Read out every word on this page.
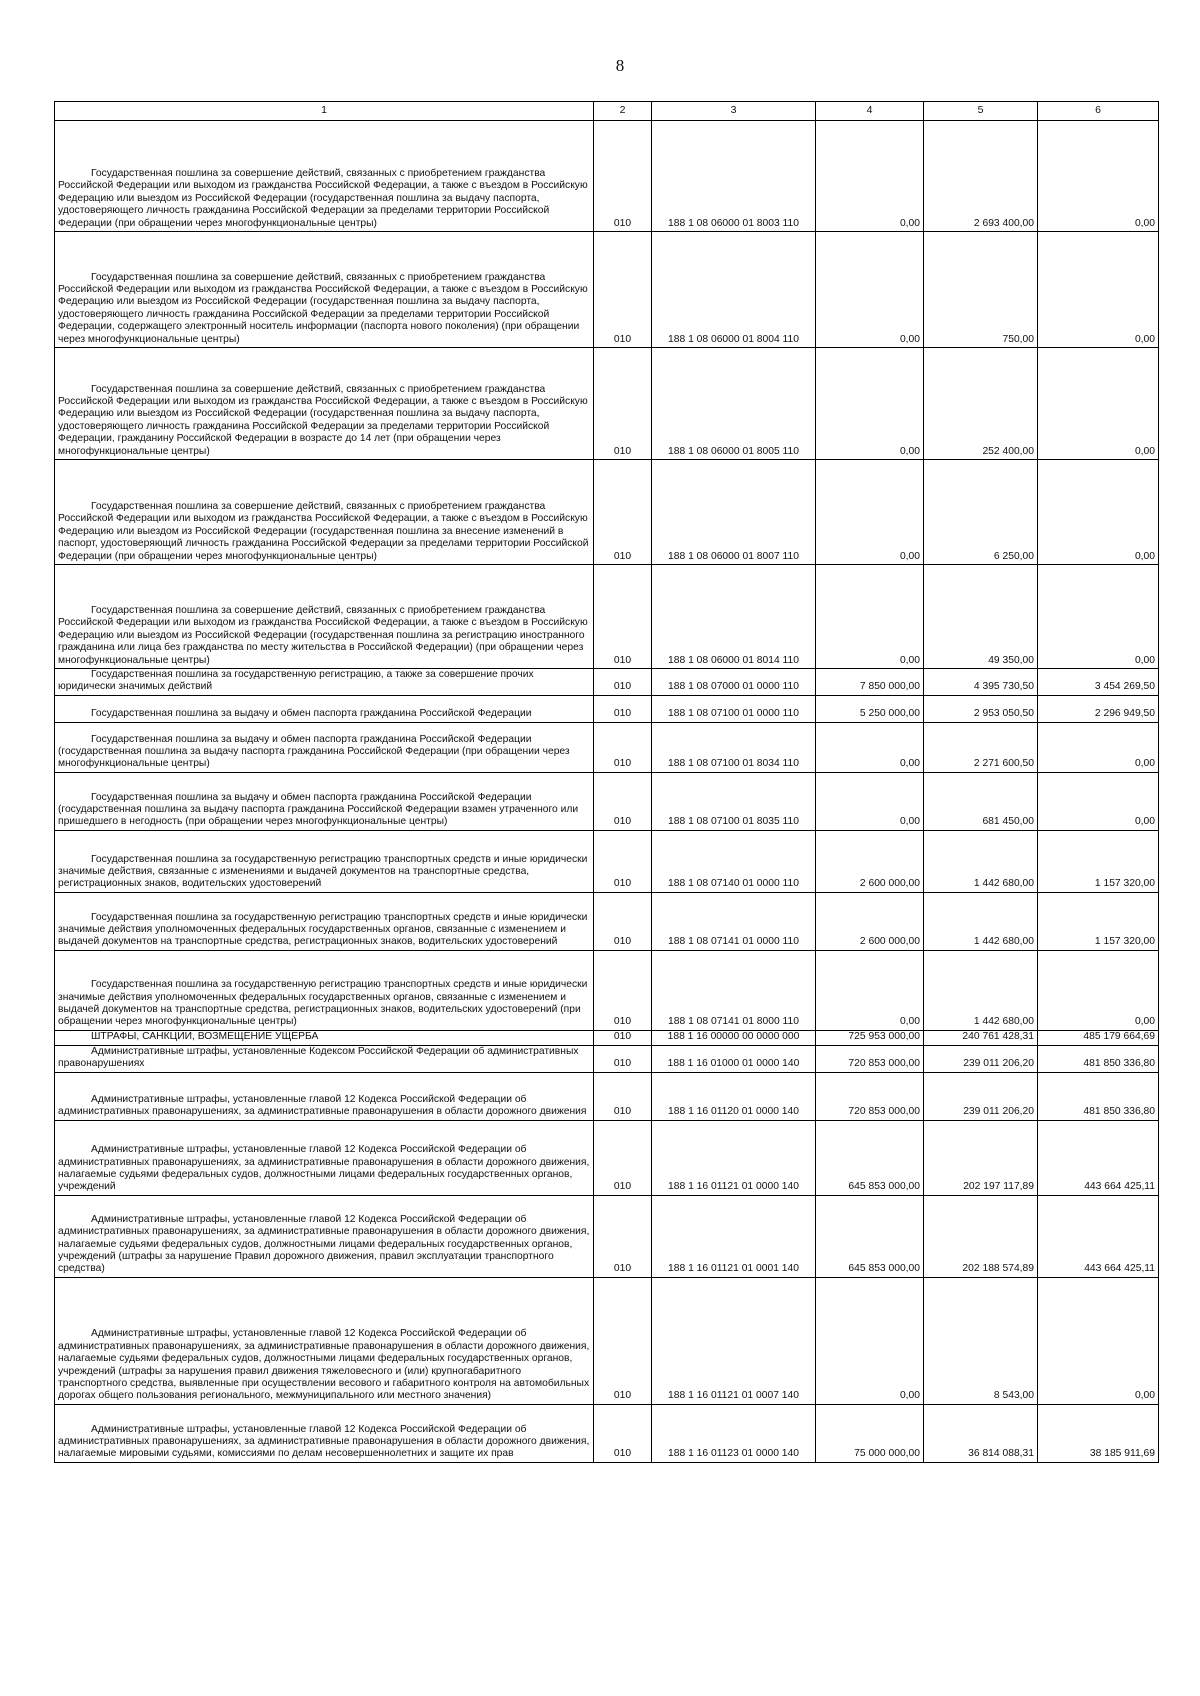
8
1	2	3	4	5	6

Государственная пошлина за совершение действий, связанных с приобретением гражданства Российской Федерации или выходом из гражданства Российской Федерации, а также с въездом в Российскую Федерацию или выездом из Российской Федерации (государственная пошлина за выдачу паспорта, удостоверяющего личность гражданина Российской Федерации за пределами территории Российской Федерации (при обращении через многофункциональные центры)	010	188 1 08 06000 01 8003 110	0,00	2 693 400,00	0,00

Государственная пошлина за совершение действий, связанных с приобретением гражданства Российской Федерации или выходом из гражданства Российской Федерации, а также с въездом в Российскую Федерацию или выездом из Российской Федерации (государственная пошлина за выдачу паспорта, удостоверяющего личность гражданина Российской Федерации за пределами территории Российской Федерации, содержащего электронный носитель информации (паспорта нового поколения) (при обращении через многофункциональные центры)	010	188 1 08 06000 01 8004 110	0,00	750,00	0,00

Государственная пошлина за совершение действий, связанных с приобретением гражданства Российской Федерации или выходом из гражданства Российской Федерации, а также с въездом в Российскую Федерацию или выездом из Российской Федерации (государственная пошлина за выдачу паспорта, удостоверяющего личность гражданина Российской Федерации за пределами территории Российской Федерации, гражданину Российской Федерации в возрасте до 14 лет (при обращении через многофункциональные центры)	010	188 1 08 06000 01 8005 110	0,00	252 400,00	0,00

Государственная пошлина за совершение действий, связанных с приобретением гражданства Российской Федерации или выходом из гражданства Российской Федерации, а также с въездом в Российскую Федерацию или выездом из Российской Федерации (государственная пошлина за внесение изменений в паспорт, удостоверяющий личность гражданина Российской Федерации за пределами территории Российской Федерации (при обращении через многофункциональные центры)	010	188 1 08 06000 01 8007 110	0,00	6 250,00	0,00

Государственная пошлина за совершение действий, связанных с приобретением гражданства Российской Федерации или выходом из гражданства Российской Федерации, а также с въездом в Российскую Федерацию или выездом из Российской Федерации (государственная пошлина за регистрацию иностранного гражданина или лица без гражданства по месту жительства в Российской Федерации) (при обращении через многофункциональные центры)	010	188 1 08 06000 01 8014 110	0,00	49 350,00	0,00

Государственная пошлина за государственную регистрацию, а также за совершение прочих юридически значимых действий	010	188 1 08 07000 01 0000 110	7 850 000,00	4 395 730,50	3 454 269,50

Государственная пошлина за выдачу и обмен паспорта гражданина Российской Федерации	010	188 1 08 07100 01 0000 110	5 250 000,00	2 953 050,50	2 296 949,50

Государственная пошлина за выдачу и обмен паспорта гражданина Российской Федерации (государственная пошлина за выдачу паспорта гражданина Российской Федерации (при обращении через многофункциональные центры)	010	188 1 08 07100 01 8034 110	0,00	2 271 600,50	0,00

Государственная пошлина за выдачу и обмен паспорта гражданина Российской Федерации (государственная пошлина за выдачу паспорта гражданина Российской Федерации взамен утраченного или пришедшего в негодность (при обращении через многофункциональные центры)	010	188 1 08 07100 01 8035 110	0,00	681 450,00	0,00

Государственная пошлина за государственную регистрацию транспортных средств и иные юридически значимые действия, связанные с изменениями и выдачей документов на транспортные средства, регистрационных знаков, водительских удостоверений	010	188 1 08 07140 01 0000 110	2 600 000,00	1 442 680,00	1 157 320,00

Государственная пошлина за государственную регистрацию транспортных средств и иные юридически значимые действия уполномоченных федеральных государственных органов, связанные с изменением и выдачей документов на транспортные средства, регистрационных знаков, водительских удостоверений	010	188 1 08 07141 01 0000 110	2 600 000,00	1 442 680,00	1 157 320,00

Государственная пошлина за государственную регистрацию транспортных средств и иные юридически значимые действия уполномоченных федеральных государственных органов, связанные с изменением и выдачей документов на транспортные средства, регистрационных знаков, водительских удостоверений (при обращении через многофункциональные центры)	010	188 1 08 07141 01 8000 110	0,00	1 442 680,00	0,00

ШТРАФЫ, САНКЦИИ, ВОЗМЕЩЕНИЕ УЩЕРБА	010	188 1 16 00000 00 0000 000	725 953 000,00	240 761 428,31	485 179 664,69

Административные штрафы, установленные Кодексом Российской Федерации об административных правонарушениях	010	188 1 16 01000 01 0000 140	720 853 000,00	239 011 206,20	481 850 336,80

Административные штрафы, установленные главой 12 Кодекса Российской Федерации об административных правонарушениях, за административные правонарушения в области дорожного движения	010	188 1 16 01120 01 0000 140	720 853 000,00	239 011 206,20	481 850 336,80

Административные штрафы, установленные главой 12 Кодекса Российской Федерации об административных правонарушениях, за административные правонарушения в области дорожного движения, налагаемые судьями федеральных судов, должностными лицами федеральных государственных органов, учреждений	010	188 1 16 01121 01 0000 140	645 853 000,00	202 197 117,89	443 664 425,11

Административные штрафы, установленные главой 12 Кодекса Российской Федерации об административных правонарушениях, за административные правонарушения в области дорожного движения, налагаемые судьями федеральных судов, должностными лицами федеральных государственных органов, учреждений (штрафы за нарушение Правил дорожного движения, правил эксплуатации транспортного средства)	010	188 1 16 01121 01 0001 140	645 853 000,00	202 188 574,89	443 664 425,11

Административные штрафы, установленные главой 12 Кодекса Российской Федерации об административных правонарушениях, за административные правонарушения в области дорожного движения, налагаемые судьями федеральных судов, должностными лицами федеральных государственных органов, учреждений (штрафы за нарушения правил движения тяжеловесного и (или) крупногабаритного транспортного средства, выявленные при осуществлении весового и габаритного контроля на автомобильных дорогах общего пользования регионального, межмуниципального или местного значения)	010	188 1 16 01121 01 0007 140	0,00	8 543,00	0,00

Административные штрафы, установленные главой 12 Кодекса Российской Федерации об административных правонарушениях, за административные правонарушения в области дорожного движения, налагаемые мировыми судьями, комиссиями по делам несовершеннолетних и защите их прав	010	188 1 16 01123 01 0000 140	75 000 000,00	36 814 088,31	38 185 911,69
